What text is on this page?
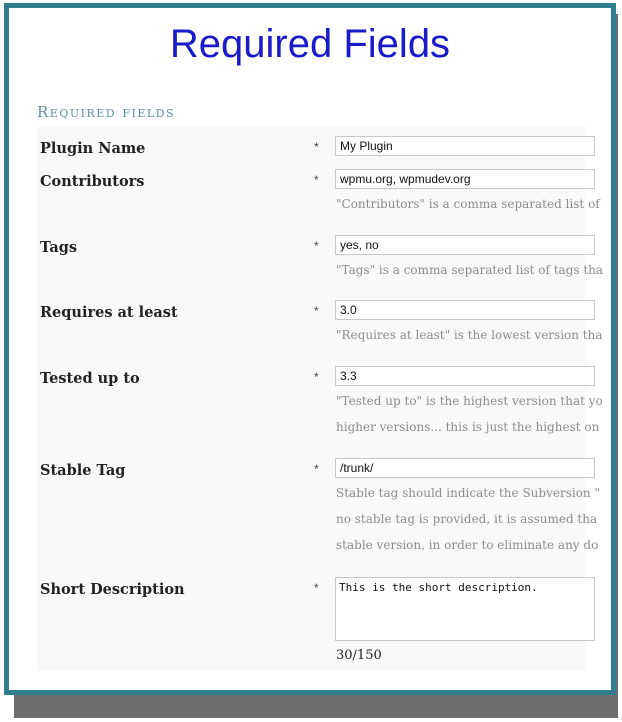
Required Fields
Required fields
Plugin Name	*	My Plugin
Contributors	*	wpmu.org, wpmudev.org
"Contributors" is a comma separated list of
Tags	*	yes, no
"Tags" is a comma separated list of tags tha
Requires at least	*	3.0
"Requires at least" is the lowest version tha
Tested up to	*	3.3
"Tested up to" is the highest version that yo
higher versions... this is just the highest on
Stable Tag	*	/trunk/
Stable tag should indicate the Subversion "
no stable tag is provided, it is assumed tha
stable version, in order to eliminate any do
Short Description	*	This is the short description.
30/150
